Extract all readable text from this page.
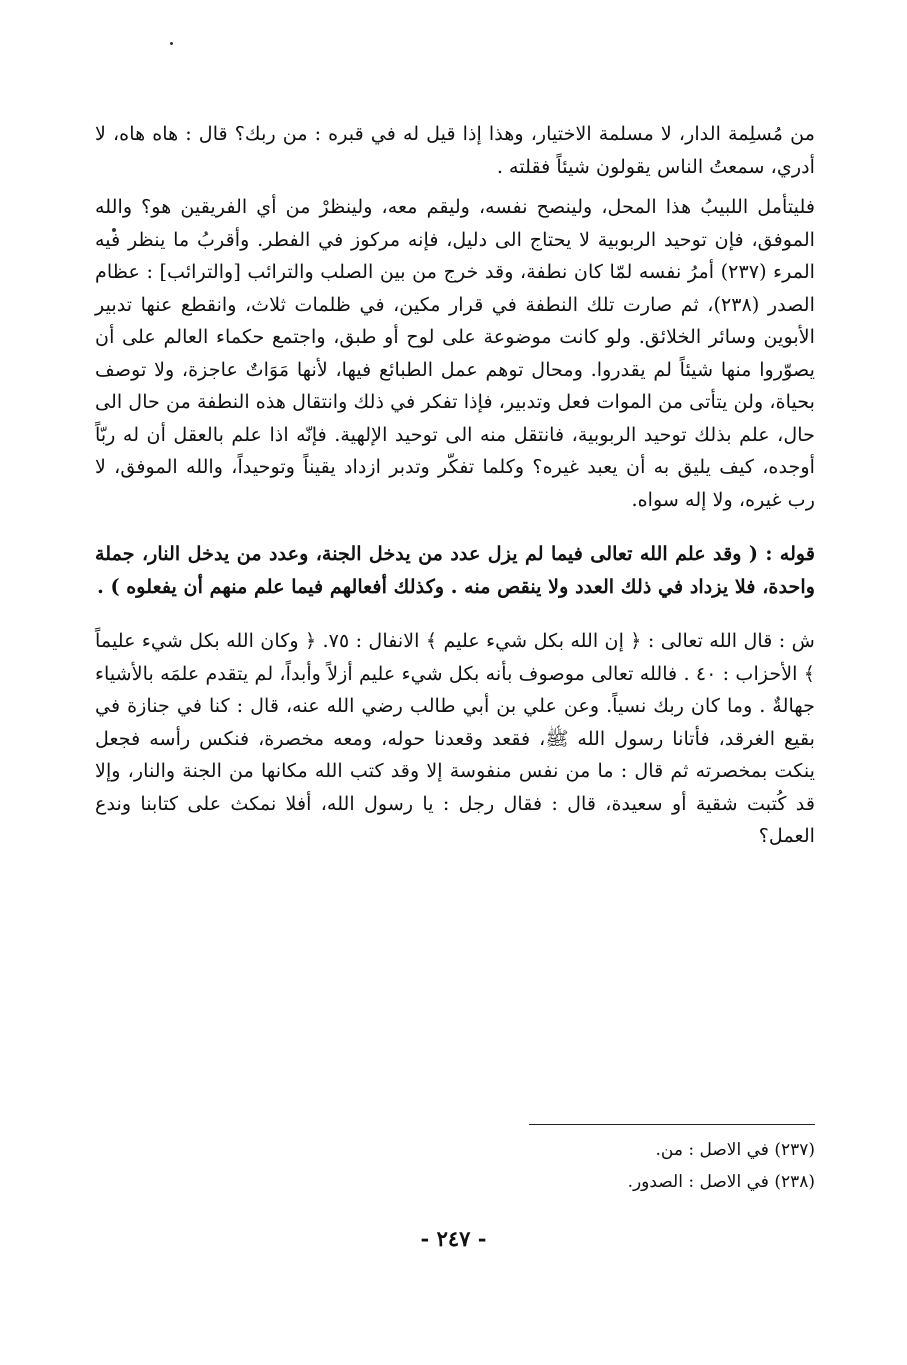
من مُسلِمة الدار، لا مسلمة الاختيار، وهذا إذا قيل له في قبره : من ربك؟ قال : هاه هاه، لا أدري، سمعتُ الناس يقولون شيئاً فقلته .

فليتأمل اللبيبُ هذا المحل، ولينصح نفسه، وليقم معه، ولينظرْ من أي الفريقين هو؟ والله الموفق، فإن توحيد الربوبية لا يحتاج الى دليل، فإنه مركوز في الفطر. وأقربُ ما ينظر فيه المرء (٢٣٧) أمرُ نفسه لمّا كان نطفة، وقد خرج من بين الصلب والترائب [والترائب] : عظام الصدر (٢٣٨)، ثم صارت تلك النطفة في قرار مكين، في ظلمات ثلاث، وانقطع عنها تدبير الأبوين وسائر الخلائق. ولو كانت موضوعة على لوح أو طبق، واجتمع حكماء العالم على أن يصوّروا منها شيئاً لم يقدروا. ومحال توهم عمل الطبائع فيها، لأنها مَوَاتٌ عاجزة، ولا توصف بحياة، ولن يتأتى من الموات فعل وتدبير، فإذا تفكر في ذلك وانتقال هذه النطفة من حال الى حال، علم بذلك توحيد الربوبية، فانتقل منه الى توحيد الإلهية. فإنّه اذا علم بالعقل أن له ربّاً أوجده، كيف يليق به أن يعبد غيره؟ وكلما تفكّر وتدبر ازداد يقيناً وتوحيداً، والله الموفق، لا رب غيره، ولا إله سواه.

قوله : ( وقد علم الله تعالى فيما لم يزل عدد من يدخل الجنة، وعدد من يدخل النار، جملة واحدة، فلا يزداد في ذلك العدد ولا ينقص منه . وكذلك أفعالهم فيما علم منهم أن يفعلوه ) .

ش : قال الله تعالى : ﴿ إن الله بكل شيء عليم ﴾ الانفال : ٧٥. ﴿ وكان الله بكل شيء عليماً ﴾ الأحزاب : ٤٠ . فالله تعالى موصوف بأنه بكل شيء عليم أزلاً وأبداً، لم يتقدم علمَه بالأشياء جهالةٌ . وما كان ربك نسياً. وعن علي بن أبي طالب رضي الله عنه، قال : كنا في جنازة في بقيع الغرقد، فأتانا رسول الله ﷺ، فقعد وقعدنا حوله، ومعه مخصرة، فنكس رأسه فجعل ينكت بمخصرته ثم قال : ما من نفس منفوسة إلا وقد كتب الله مكانها من الجنة والنار، وإلا قد كُتبت شقية أو سعيدة، قال : فقال رجل : يا رسول الله، أفلا نمكث على كتابنا وندع العمل؟

(٢٣٧) في الاصل : من.

(٢٣٨) في الاصل : الصدور.

- ٢٤٧ -
